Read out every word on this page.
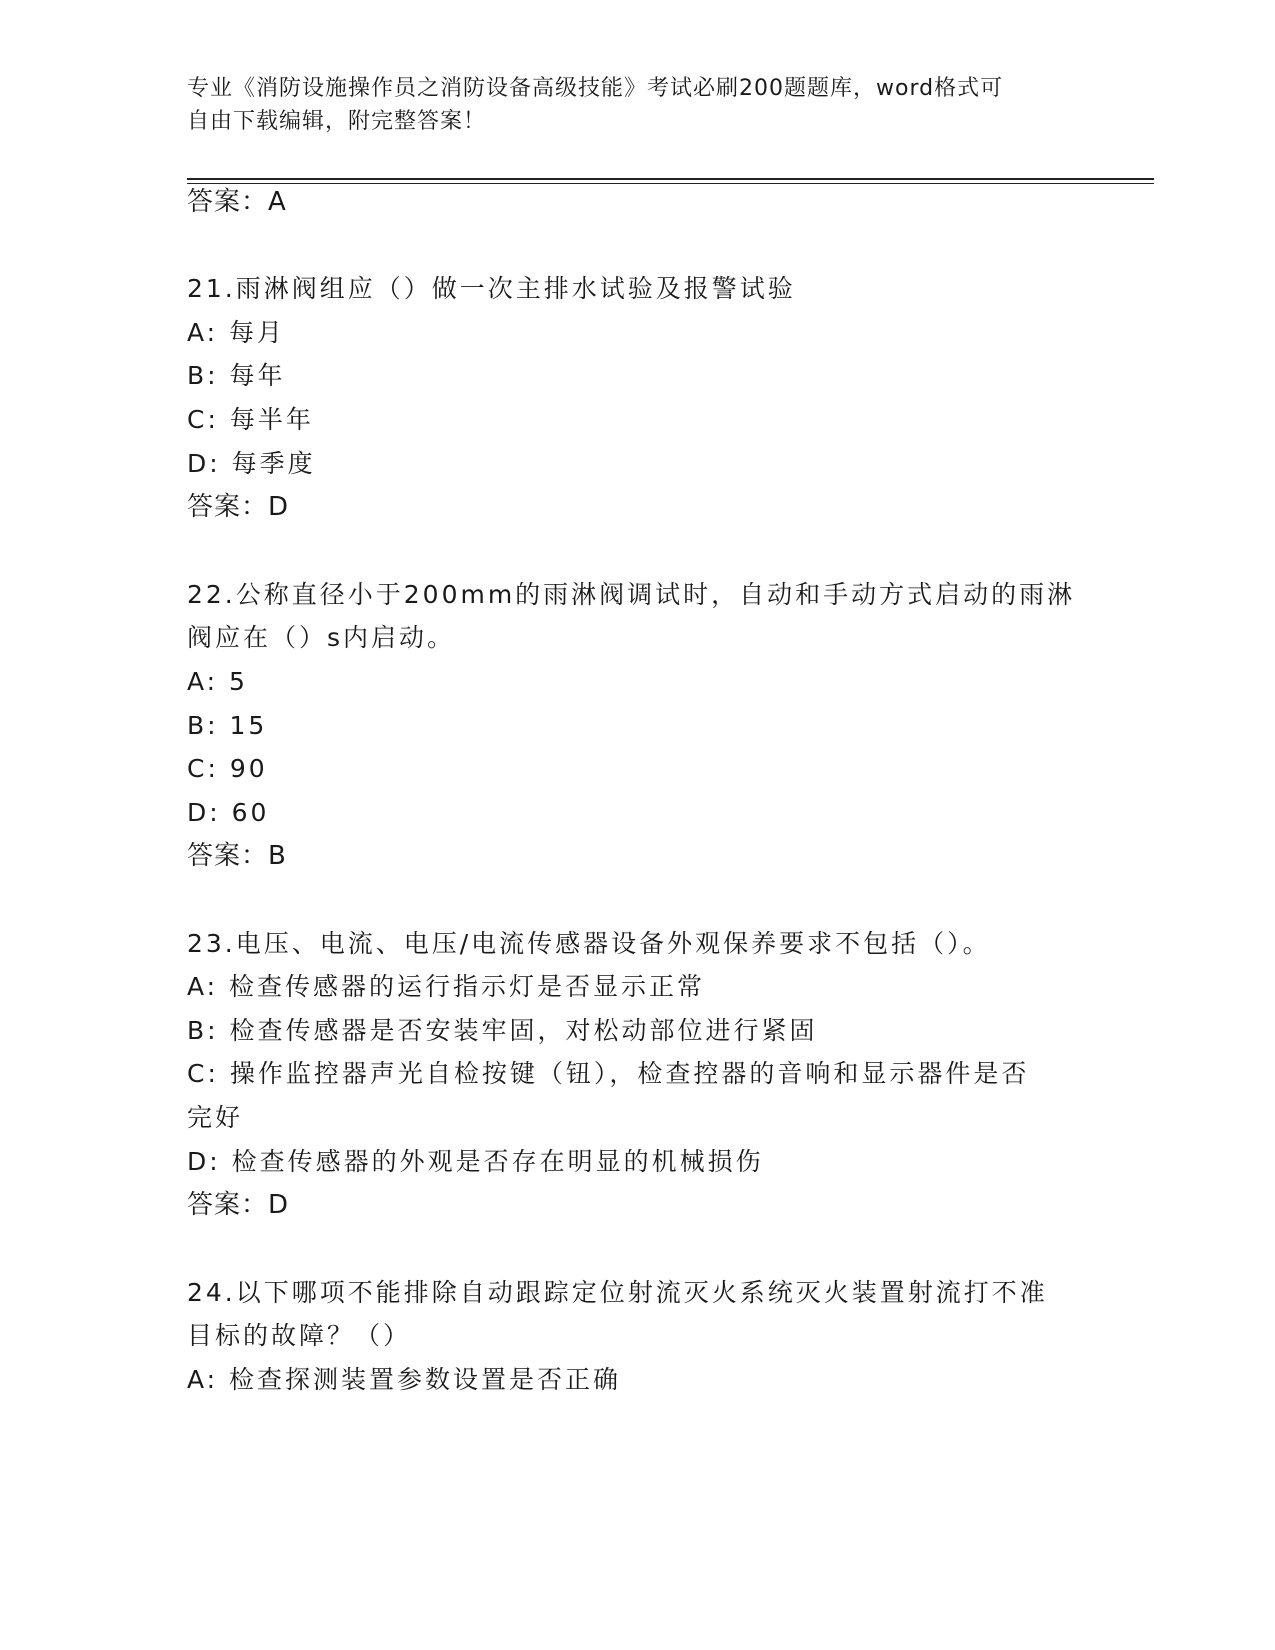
专业《消防设施操作员之消防设备高级技能》考试必刷200题题库，word格式可
自由下载编辑，附完整答案！
答案：A
21.雨淋阀组应（）做一次主排水试验及报警试验
A: 每月
B: 每年
C: 每半年
D: 每季度
答案：D
22.公称直径小于200mm的雨淋阀调试时，自动和手动方式启动的雨淋
阀应在（）s内启动。
A: 5
B: 15
C: 90
D: 60
答案：B
23.电压、电流、电压/电流传感器设备外观保养要求不包括（）。
A: 检查传感器的运行指示灯是否显示正常
B: 检查传感器是否安装牢固，对松动部位进行紧固
C: 操作监控器声光自检按键（钮），检查控器的音响和显示器件是否
完好
D: 检查传感器的外观是否存在明显的机械损伤
答案：D
24.以下哪项不能排除自动跟踪定位射流灭火系统灭火装置射流打不准
目标的故障？（）
A: 检查探测装置参数设置是否正确
